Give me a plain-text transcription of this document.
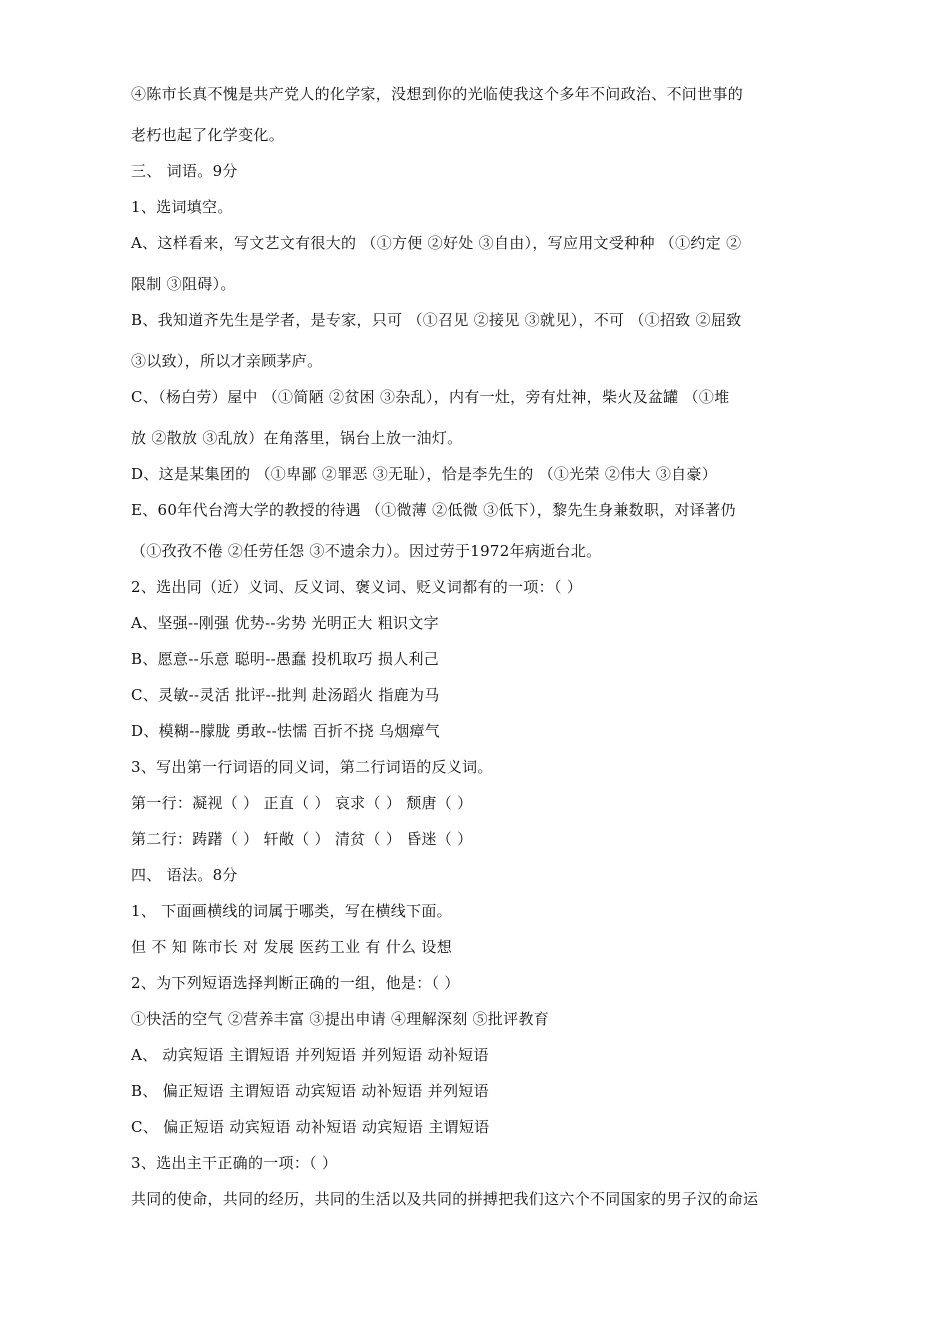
④陈市长真不愧是共产党人的化学家，没想到你的光临使我这个多年不问政治、不问世事的
老朽也起了化学变化。
三、 词语。9分
1、选词填空。
A、这样看来，写文艺文有很大的 （①方便 ②好处 ③自由），写应用文受种种 （①约定 ②
限制 ③阻碍）。
B、我知道齐先生是学者，是专家，只可 （①召见 ②接见 ③就见），不可 （①招致 ②屈致
③以致），所以才亲顾茅庐。
C、（杨白劳）屋中 （①简陋 ②贫困 ③杂乱），内有一灶，旁有灶神，柴火及盆罐 （①堆
放 ②散放 ③乱放）在角落里，锅台上放一油灯。
D、这是某集团的 （①卑鄙 ②罪恶 ③无耻），恰是李先生的 （①光荣 ②伟大 ③自豪）
E、60年代台湾大学的教授的待遇 （①微薄 ②低微 ③低下），黎先生身兼数职，对译著仍
（①孜孜不倦 ②任劳任怨 ③不遗余力）。因过劳于1972年病逝台北。
2、选出同（近）义词、反义词、褒义词、贬义词都有的一项：（ ）
A、坚强--刚强 优势--劣势 光明正大 粗识文字
B、愿意--乐意 聪明--愚蠢 投机取巧 损人利己
C、灵敏--灵活 批评--批判 赴汤蹈火 指鹿为马
D、模糊--朦胧 勇敢--怯懦 百折不挠 乌烟瘴气
3、写出第一行词语的同义词，第二行词语的反义词。
第一行：凝视（ ） 正直（ ） 哀求（ ） 颓唐（ ）
第二行：踌躇（ ） 轩敞（ ） 清贫（ ） 昏迷（ ）
四、 语法。8分
1、 下面画横线的词属于哪类，写在横线下面。
但 不 知 陈市长 对 发展 医药工业 有 什么 设想
2、为下列短语选择判断正确的一组，他是：（ ）
①快活的空气 ②营养丰富 ③提出申请 ④理解深刻 ⑤批评教育
A、 动宾短语 主谓短语 并列短语 并列短语 动补短语
B、 偏正短语 主谓短语 动宾短语 动补短语 并列短语
C、 偏正短语 动宾短语 动补短语 动宾短语 主谓短语
3、选出主干正确的一项：（ ）
共同的使命，共同的经历，共同的生活以及共同的拼搏把我们这六个不同国家的男子汉的命运
